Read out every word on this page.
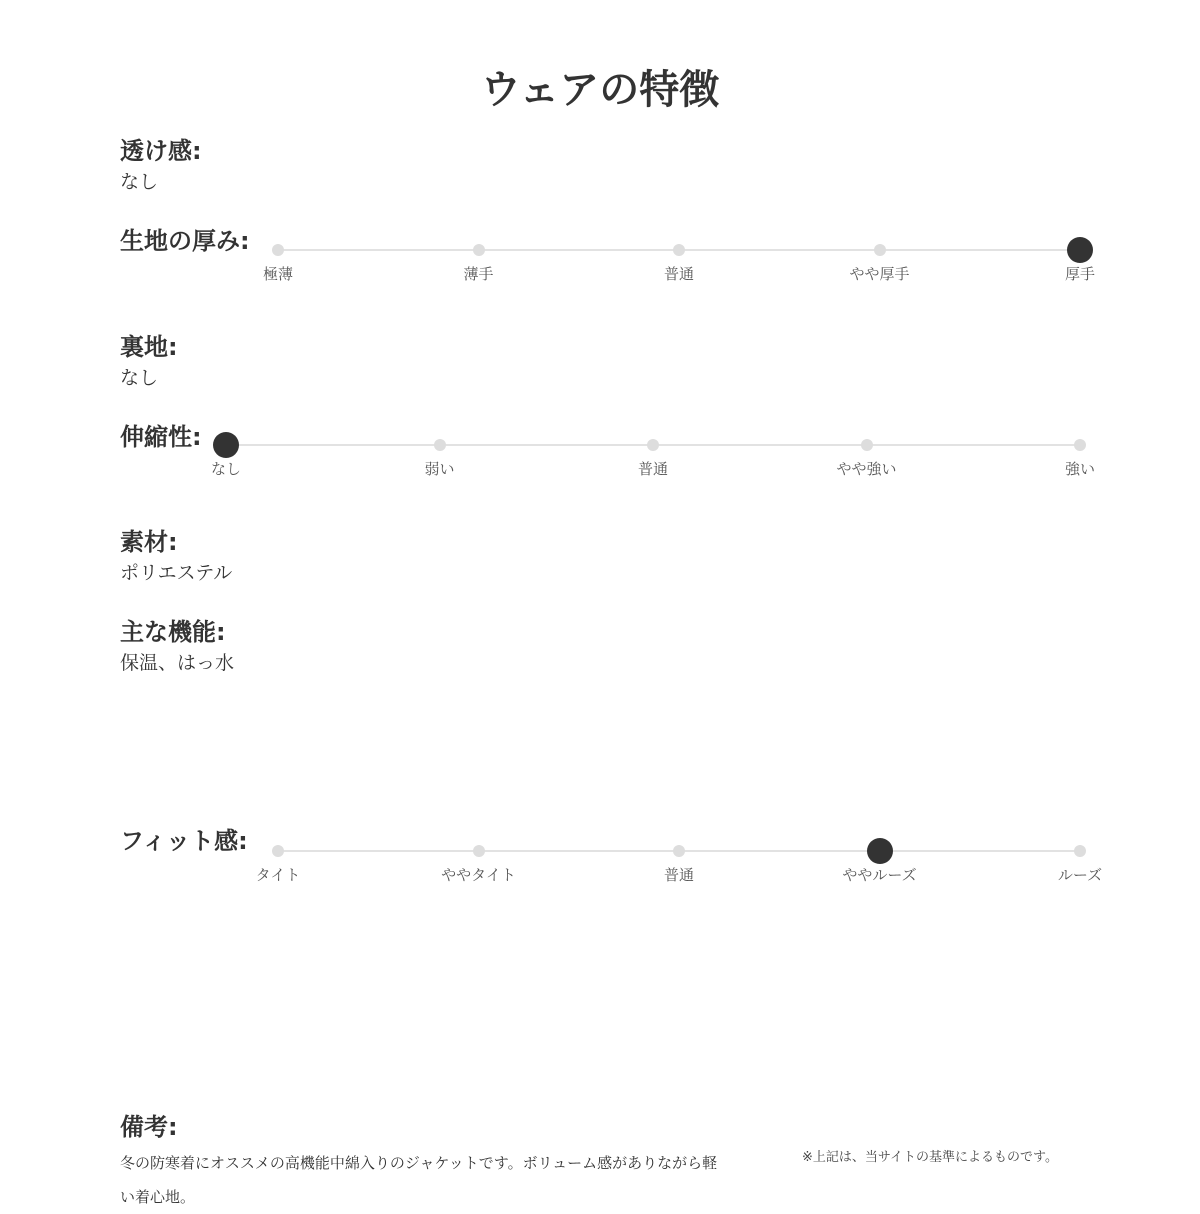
ウェアの特徴
透け感:
なし
生地の厚み:
極薄	薄手	普通	やや厚手	厚手
裏地:
なし
伸縮性:
なし	弱い	普通	やや強い	強い
素材:
ポリエステル
主な機能:
保温、はっ水
フィット感:
タイト	ややタイト	普通	ややルーズ	ルーズ
備考:
冬の防寒着にオススメの高機能中綿入りのジャケットです。ボリューム感がありながら軽い着心地。
※上記は、当サイトの基準によるものです。
